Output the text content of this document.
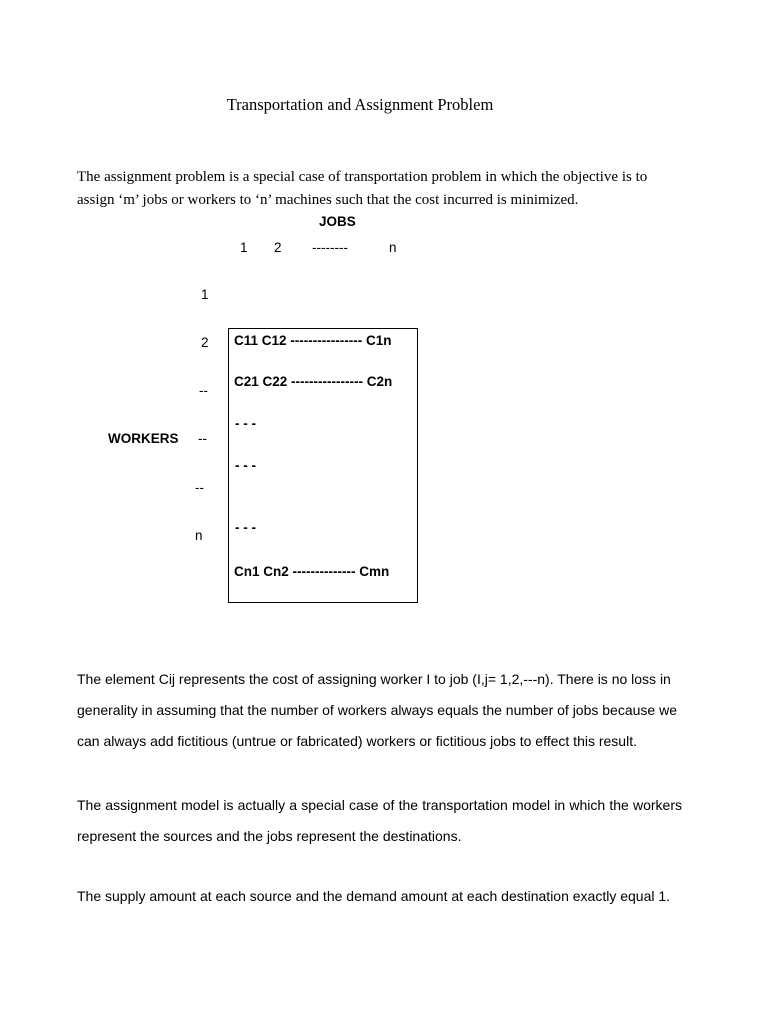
Transportation and Assignment Problem
The assignment problem is a special case of transportation problem in which the objective is to assign ‘m’ jobs or workers to ‘n’ machines such that the cost incurred is minimized.
JOBS
1 2 --------	n
1
2
--
--
--
n
WORKERS
C11 C12 ---------------- C1n
C21 C22 ---------------- C2n
- - -
- - -
- - -
Cn1 Cn2 -------------- Cmn
The element Cij represents the cost of assigning worker I to job (I,j= 1,2,---n). There is no loss in generality in assuming that the number of workers always equals the number of jobs because we can always add fictitious (untrue or fabricated) workers or fictitious jobs to effect this result.
The assignment model is actually a special case of the transportation model in which the workers represent the sources and the jobs represent the destinations.
The supply amount at each source and the demand amount at each destination exactly equal 1.
